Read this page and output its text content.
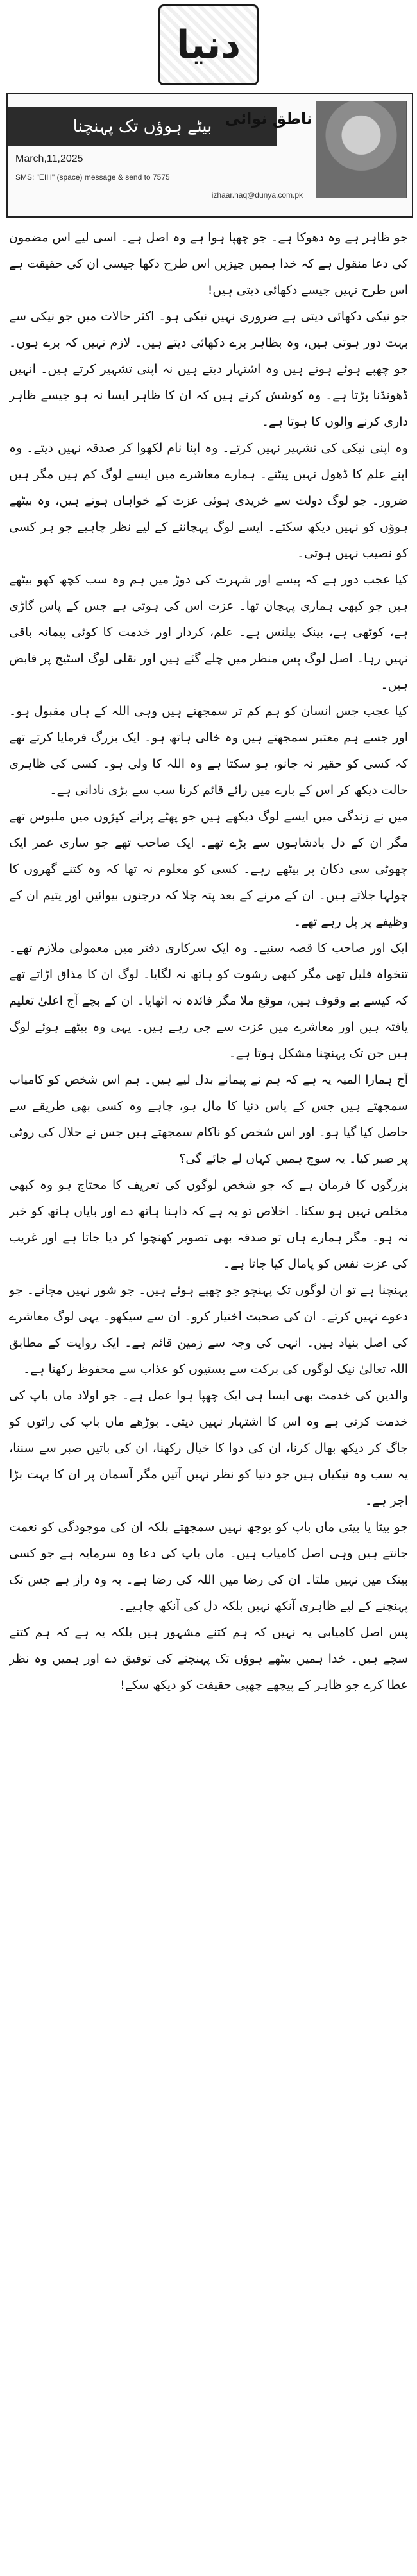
دنیا
بیٹے ہوؤں تک پہنچنا
March,11,2025
SMS: "EIH" (space) message & send to 7575
izhaar.haq@dunya.com.pk
ناطق نوائی

جو ظاہر ہے وہ دھوکا ہے۔ جو چھپا ہوا ہے وہ اصل ہے۔ اسی لیے اس مضمون کی دعا منقول ہے کہ خدا ہمیں چیزیں اس طرح دکھا جیسی ان کی حقیقت ہے اس طرح نہیں جیسے دکھائی دیتی ہیں!

جو نیکی دکھائی دیتی ہے ضروری نہیں نیکی ہو۔ اکثر حالات میں جو نیکی سے بہت دور ہوتی ہیں، وہ بظاہر برے دکھائی دیتے ہیں۔ لازم نہیں کہ برے ہوں۔ جو چھپے ہوئے ہوتے ہیں وہ اشتہار دیتے ہیں نہ اپنی تشہیر کرتے ہیں۔ انہیں ڈھونڈنا پڑتا ہے۔ وہ کوشش کرتے ہیں کہ ان کا ظاہر ایسا نہ ہو جیسے ظاہر داری کرنے والوں کا ہوتا ہے۔

وہ اپنی نیکی کی تشہیر نہیں کرتے۔ وہ اپنا نام لکھوا کر صدقہ نہیں دیتے۔ وہ اپنے علم کا ڈھول نہیں پیٹتے۔ ہمارے معاشرے میں ایسے لوگ کم ہیں مگر ہیں ضرور۔ جو لوگ دولت سے خریدی ہوئی عزت کے خواہاں ہوتے ہیں، وہ بیٹھے ہوؤں کو نہیں دیکھ سکتے۔ ایسے لوگ پہچاننے کے لیے نظر چاہیے جو ہر کسی کو نصیب نہیں ہوتی۔

کیا عجب دور ہے کہ پیسے اور شہرت کی دوڑ میں ہم وہ سب کچھ کھو بیٹھے ہیں جو کبھی ہماری پہچان تھا۔ عزت اس کی ہوتی ہے جس کے پاس گاڑی ہے، کوٹھی ہے، بینک بیلنس ہے۔ علم، کردار اور خدمت کا کوئی پیمانہ باقی نہیں رہا۔ اصل لوگ پس منظر میں چلے گئے ہیں اور نقلی لوگ اسٹیج پر قابض ہیں۔

کیا عجب جس انسان کو ہم کم تر سمجھتے ہیں وہی اللہ کے ہاں مقبول ہو۔ اور جسے ہم معتبر سمجھتے ہیں وہ خالی ہاتھ ہو۔ ایک بزرگ فرمایا کرتے تھے کہ کسی کو حقیر نہ جانو، ہو سکتا ہے وہ اللہ کا ولی ہو۔ کسی کی ظاہری حالت دیکھ کر اس کے بارے میں رائے قائم کرنا سب سے بڑی نادانی ہے۔

میں نے زندگی میں ایسے لوگ دیکھے ہیں جو پھٹے پرانے کپڑوں میں ملبوس تھے مگر ان کے دل بادشاہوں سے بڑے تھے۔ ایک صاحب تھے جو ساری عمر ایک چھوٹی سی دکان پر بیٹھے رہے۔ کسی کو معلوم نہ تھا کہ وہ کتنے گھروں کا چولہا جلاتے ہیں۔ ان کے مرنے کے بعد پتہ چلا کہ درجنوں بیوائیں اور یتیم ان کے وظیفے پر پل رہے تھے۔

ایک اور صاحب کا قصہ سنیے۔ وہ ایک سرکاری دفتر میں معمولی ملازم تھے۔ تنخواہ قلیل تھی مگر کبھی رشوت کو ہاتھ نہ لگایا۔ لوگ ان کا مذاق اڑاتے تھے کہ کیسے بے وقوف ہیں، موقع ملا مگر فائدہ نہ اٹھایا۔ ان کے بچے آج اعلیٰ تعلیم یافتہ ہیں اور معاشرے میں عزت سے جی رہے ہیں۔ یہی وہ بیٹھے ہوئے لوگ ہیں جن تک پہنچنا مشکل ہوتا ہے۔

آج ہمارا المیہ یہ ہے کہ ہم نے پیمانے بدل لیے ہیں۔ ہم اس شخص کو کامیاب سمجھتے ہیں جس کے پاس دنیا کا مال ہو، چاہے وہ کسی بھی طریقے سے حاصل کیا گیا ہو۔ اور اس شخص کو ناکام سمجھتے ہیں جس نے حلال کی روٹی پر صبر کیا۔ یہ سوچ ہمیں کہاں لے جائے گی؟

بزرگوں کا فرمان ہے کہ جو شخص لوگوں کی تعریف کا محتاج ہو وہ کبھی مخلص نہیں ہو سکتا۔ اخلاص تو یہ ہے کہ داہنا ہاتھ دے اور بایاں ہاتھ کو خبر نہ ہو۔ مگر ہمارے ہاں تو صدقہ بھی تصویر کھنچوا کر دیا جاتا ہے اور غریب کی عزت نفس کو پامال کیا جاتا ہے۔

پہنچنا ہے تو ان لوگوں تک پہنچو جو چھپے ہوئے ہیں۔ جو شور نہیں مچاتے۔ جو دعوے نہیں کرتے۔ ان کی صحبت اختیار کرو۔ ان سے سیکھو۔ یہی لوگ معاشرے کی اصل بنیاد ہیں۔ انہی کی وجہ سے زمین قائم ہے۔ ایک روایت کے مطابق اللہ تعالیٰ نیک لوگوں کی برکت سے بستیوں کو عذاب سے محفوظ رکھتا ہے۔

والدین کی خدمت بھی ایسا ہی ایک چھپا ہوا عمل ہے۔ جو اولاد ماں باپ کی خدمت کرتی ہے وہ اس کا اشتہار نہیں دیتی۔ بوڑھے ماں باپ کی راتوں کو جاگ کر دیکھ بھال کرنا، ان کی دوا کا خیال رکھنا، ان کی باتیں صبر سے سننا، یہ سب وہ نیکیاں ہیں جو دنیا کو نظر نہیں آتیں مگر آسمان پر ان کا بہت بڑا اجر ہے۔

جو بیٹا یا بیٹی ماں باپ کو بوجھ نہیں سمجھتے بلکہ ان کی موجودگی کو نعمت جانتے ہیں وہی اصل کامیاب ہیں۔ ماں باپ کی دعا وہ سرمایہ ہے جو کسی بینک میں نہیں ملتا۔ ان کی رضا میں اللہ کی رضا ہے۔ یہ وہ راز ہے جس تک پہنچنے کے لیے ظاہری آنکھ نہیں بلکہ دل کی آنکھ چاہیے۔

پس اصل کامیابی یہ نہیں کہ ہم کتنے مشہور ہیں بلکہ یہ ہے کہ ہم کتنے سچے ہیں۔ خدا ہمیں بیٹھے ہوؤں تک پہنچنے کی توفیق دے اور ہمیں وہ نظر عطا کرے جو ظاہر کے پیچھے چھپی حقیقت کو دیکھ سکے!
